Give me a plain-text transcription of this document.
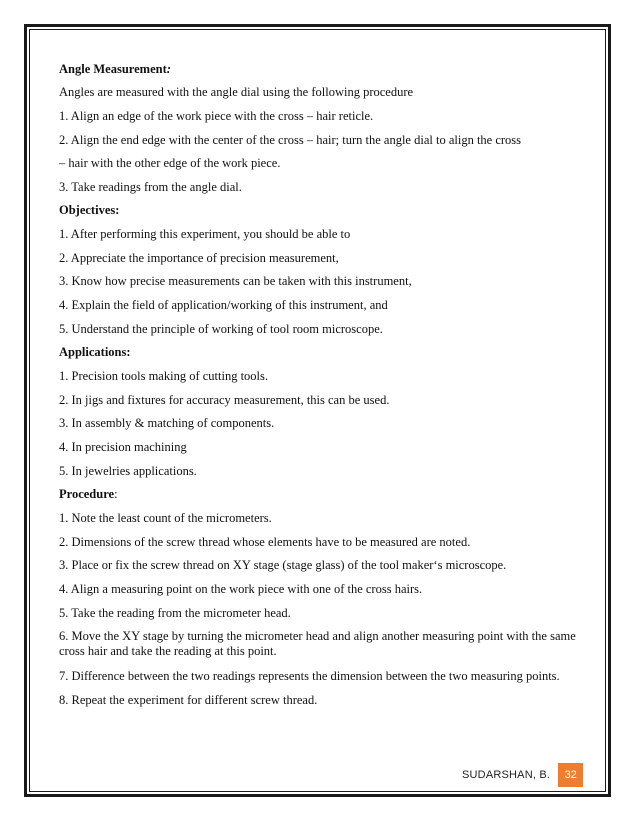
Angle Measurement:

Angles are measured with the angle dial using the following procedure

1. Align an edge of the work piece with the cross – hair reticle.

2. Align the end edge with the center of the cross – hair; turn the angle dial to align the cross

– hair with the other edge of the work piece.

3. Take readings from the angle dial.

Objectives:

1. After performing this experiment, you should be able to

2. Appreciate the importance of precision measurement,

3. Know how precise measurements can be taken with this instrument,

4. Explain the field of application/working of this instrument, and

5. Understand the principle of working of tool room microscope.

Applications:

1. Precision tools making of cutting tools.

2. In jigs and fixtures for accuracy measurement, this can be used.

3. In assembly & matching of components.

4. In precision machining

5. In jewelries applications.

Procedure:

1. Note the least count of the micrometers.

2. Dimensions of the screw thread whose elements have to be measured are noted.

3. Place or fix the screw thread on XY stage (stage glass) of the tool maker‘s microscope.

4. Align a measuring point on the work piece with one of the cross hairs.

5. Take the reading from the micrometer head.

6. Move the XY stage by turning the micrometer head and align another measuring point with the same cross hair and take the reading at this point.

7. Difference between the two readings represents the dimension between the two measuring points.

8. Repeat the experiment for different screw thread.

SUDARSHAN, B.	32
